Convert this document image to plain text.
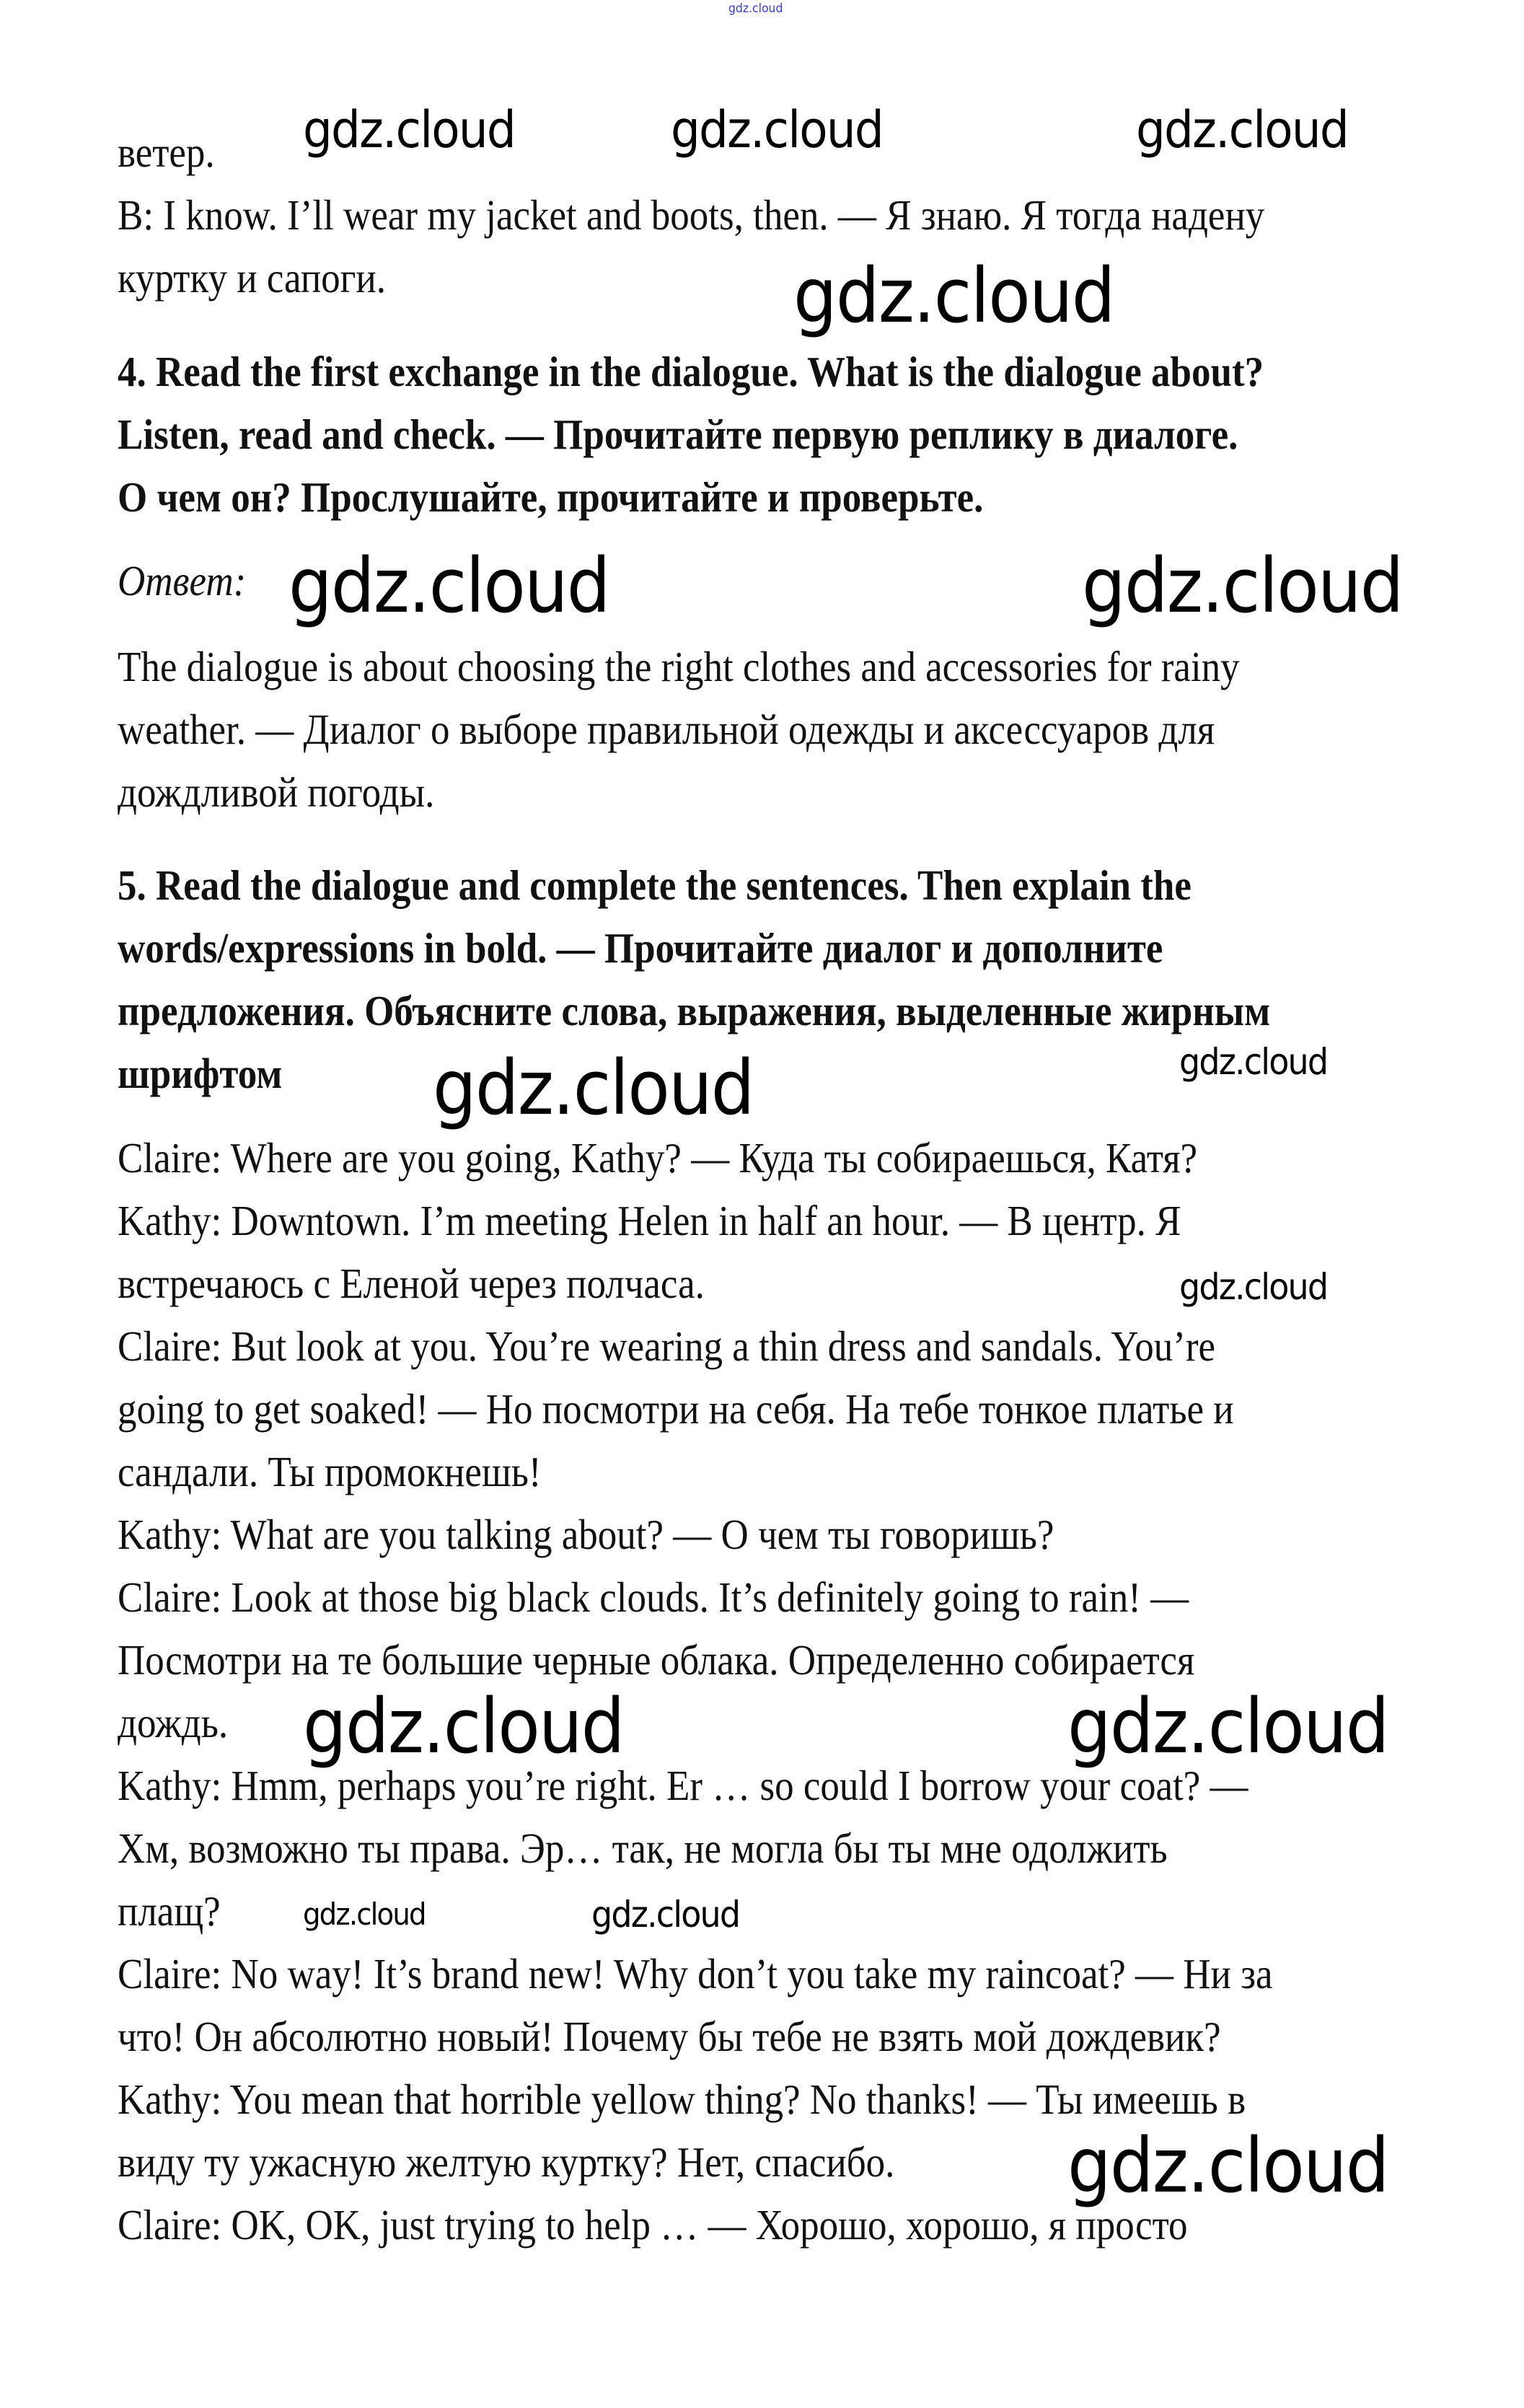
gdz.cloud
ветер.
B: I know. I’ll wear my jacket and boots, then. — Я знаю. Я тогда надену
куртку и сапоги.
4. Read the first exchange in the dialogue. What is the dialogue about?
Listen, read and check. — Прочитайте первую реплику в диалоге.
О чем он? Прослушайте, прочитайте и проверьте.
Ответ:
The dialogue is about choosing the right clothes and accessories for rainy
weather. — Диалог о выборе правильной одежды и аксессуаров для
дождливой погоды.
5. Read the dialogue and complete the sentences. Then explain the
words/expressions in bold. — Прочитайте диалог и дополните
предложения. Объясните слова, выражения, выделенные жирным
шрифтом
Claire: Where are you going, Kathy? — Куда ты собираешься, Катя?
Kathy: Downtown. I’m meeting Helen in half an hour. — В центр. Я
встречаюсь с Еленой через полчаса.
Claire: But look at you. You’re wearing a thin dress and sandals. You’re
going to get soaked! — Но посмотри на себя. На тебе тонкое платье и
сандали. Ты промокнешь!
Kathy: What are you talking about? — О чем ты говоришь?
Claire: Look at those big black clouds. It’s definitely going to rain! —
Посмотри на те большие черные облака. Определенно собирается
дождь.
Kathy: Hmm, perhaps you’re right. Er … so could I borrow your coat? —
Хм, возможно ты права. Эр… так, не могла бы ты мне одолжить
плащ?
Claire: No way! It’s brand new! Why don’t you take my raincoat? — Ни за
что! Он абсолютно новый! Почему бы тебе не взять мой дождевик?
Kathy: You mean that horrible yellow thing? No thanks! — Ты имеешь в
виду ту ужасную желтую куртку? Нет, спасибо.
Claire: OK, OK, just trying to help … — Хорошо, хорошо, я просто
gdz.cloud	gdz.cloud	gdz.cloud
gdz.cloud	gdz.cloud
gdz.cloud
gdz.cloud
gdz.cloud
gdz.cloud	gdz.cloud
gdz.cloud	gdz.cloud
gdz.cloud
gdz.cloud
